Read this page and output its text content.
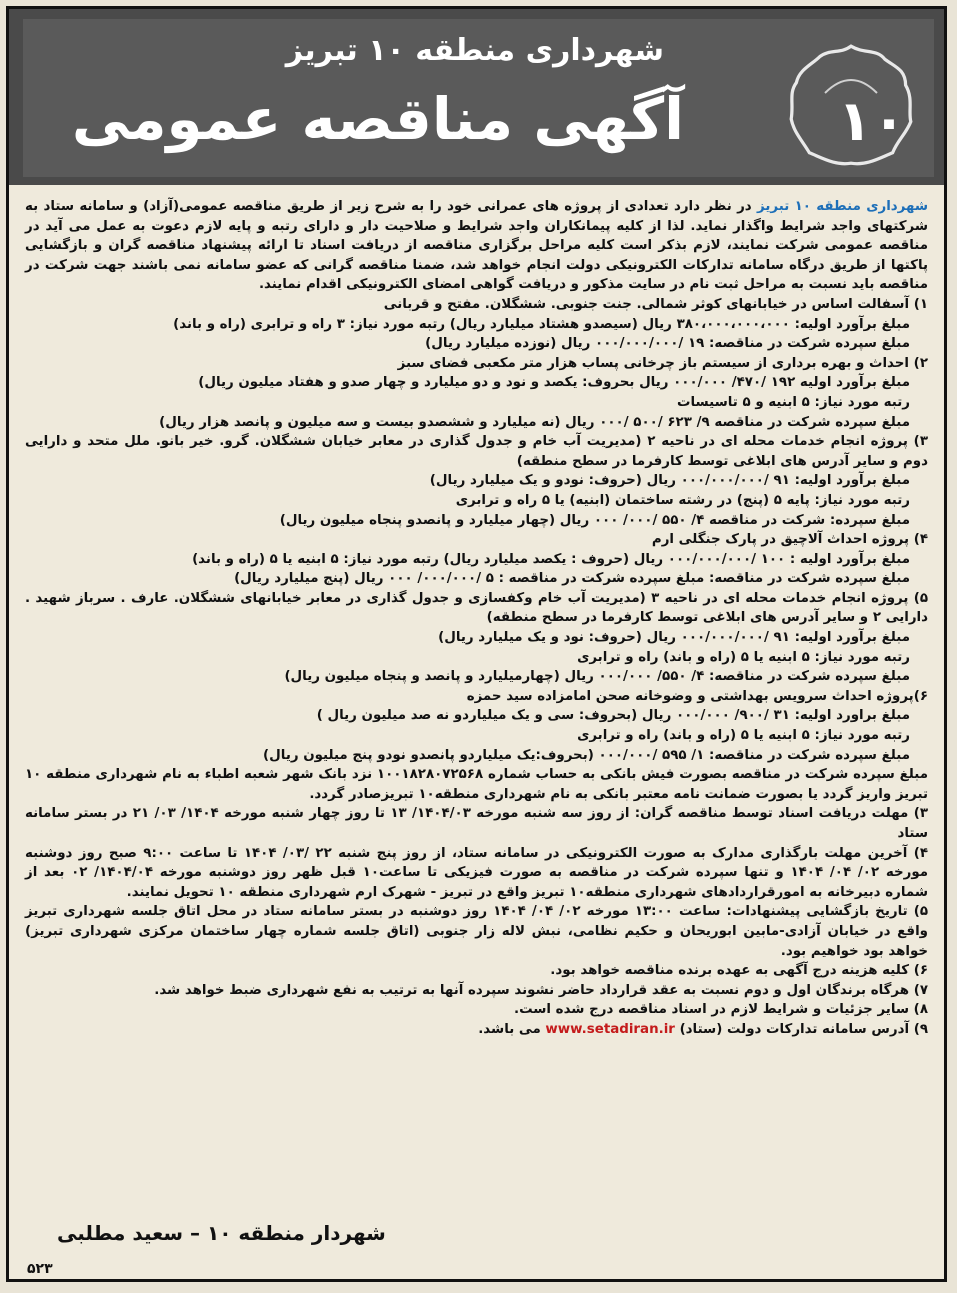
شهرداری منطقه ۱۰ تبریز
آگهی مناقصه عمومی	۱۰

شهرداری منطقه ۱۰ تبریز در نظر دارد تعدادی از پروژه های عمرانی خود را به شرح زیر از طریق مناقصه عمومی(آزاد) و سامانه ستاد به شرکتهای واجد شرایط واگذار نماید. لذا از کلیه پیمانکاران واجد شرایط و صلاحیت دار و دارای رتبه و پایه لازم دعوت به عمل می آید در مناقصه عمومی شرکت نمایند، لازم بذکر است کلیه مراحل برگزاری مناقصه از دریافت اسناد تا ارائه پیشنهاد مناقصه گران و بازگشایی پاکتها از طریق درگاه سامانه تدارکات الکترونیکی دولت انجام خواهد شد، ضمنا مناقصه گرانی که عضو سامانه نمی باشند جهت شرکت در مناقصه باید نسبت به مراحل ثبت نام در سایت مذکور و دریافت گواهی امضای الکترونیکی اقدام نمایند.

۱) آسفالت اساس در خیابانهای کوثر شمالی. جنت جنوبی. ششگلان. مفتح و قربانی

مبلغ برآورد اولیه: ۳۸۰،۰۰۰،۰۰۰،۰۰۰ ریال (سیصدو هشتاد میلیارد ریال) رتبه مورد نیاز: ۳ راه و ترابری (راه و باند)

مبلغ سپرده شرکت در مناقصه: ۱۹ /۰۰۰/۰۰۰/۰۰۰ ریال (نوزده میلیارد ریال)

۲) احداث و بهره برداری از سیستم باز چرخانی پساب هزار متر مکعبی فضای سبز

مبلغ برآورد اولیه ۱۹۲ /۴۷۰/ ۰۰۰/۰۰۰ ریال بحروف: یکصد و نود و دو میلیارد و چهار صدو و هفتاد میلیون ریال)

رتبه مورد نیاز: ۵ ابنیه و ۵ تاسیسات

مبلغ سپرده شرکت در مناقصه ۹/ ۶۲۳ /۵۰۰ /۰۰۰ ریال (نه میلیارد و ششصدو بیست و سه میلیون و پانصد هزار ریال)

۳) پروژه انجام خدمات محله ای در ناحیه ۲ (مدیریت آب خام و جدول گذاری در معابر خیابان ششگلان. گرو. خیر بانو. ملل متحد و دارایی دوم و سایر آدرس های ابلاغی توسط کارفرما در سطح منطقه)

مبلغ برآورد اولیه: ۹۱ /۰۰۰/۰۰۰/۰۰۰ ریال (حروف: نودو و یک میلیارد ریال)

رتبه مورد نیاز: پایه ۵ (پنج) در رشته ساختمان (ابنیه) یا ۵ راه و ترابری

مبلغ سپرده: شرکت در مناقصه ۴/ ۵۵۰ /۰۰۰/ ۰۰۰ ریال (چهار میلیارد و پانصدو پنجاه میلیون ریال)

۴) پروژه احداث آلاچیق در پارک جنگلی ارم

مبلغ برآورد اولیه : ۱۰۰ /۰۰۰/۰۰۰/۰۰۰ ریال (حروف : یکصد میلیارد ریال) رتبه مورد نیاز: ۵ ابنیه یا ۵ (راه و باند)

مبلغ سپرده شرکت در مناقصه: مبلغ سپرده شرکت در مناقصه : ۵ /۰۰۰/۰۰۰/ ۰۰۰ ریال (پنج میلیارد ریال)

۵) پروژه انجام خدمات محله ای در ناحیه ۳ (مدیریت آب خام وکفسازی و جدول گذاری در معابر خیابانهای ششگلان. عارف . سرباز شهید . دارایی ۲ و سایر آدرس های ابلاغی توسط کارفرما در سطح منطقه)

مبلغ برآورد اولیه: ۹۱ /۰۰۰/۰۰۰/۰۰۰ ریال (حروف: نود و یک میلیارد ریال)

رتبه مورد نیاز: ۵ ابنیه یا ۵ (راه و باند) راه و ترابری

مبلغ سپرده شرکت در مناقصه: ۴/ ۵۵۰/ ۰۰۰/۰۰۰ ریال (چهارمیلیارد و پانصد و پنجاه میلیون ریال)

۶)پروژه احداث سرویس بهداشتی و وضوخانه صحن امامزاده سید حمزه

مبلغ براورد اولیه: ۳۱ /۹۰۰/ ۰۰۰/۰۰۰ ریال (بحروف: سی و یک میلیاردو نه صد میلیون ریال )

رتبه مورد نیاز: ۵ ابنیه یا ۵ (راه و باند) راه و ترابری

مبلغ سپرده شرکت در مناقصه: ۱/ ۵۹۵ /۰۰۰/۰۰۰ (بحروف:یک میلیاردو پانصدو نودو پنج میلیون ریال)

مبلغ سپرده شرکت در مناقصه بصورت فیش بانکی به حساب شماره ۱۰۰۱۸۲۸۰۷۲۵۶۸ نزد بانک شهر شعبه اطباء به نام شهرداری منطقه ۱۰ تبریز واریز گردد یا بصورت ضمانت نامه معتبر بانکی به نام شهرداری منطقه۱۰ تبریزصادر گردد.

۳) مهلت دریافت اسناد توسط مناقصه گران: از روز سه شنبه مورخه ۱۴۰۴/۰۳/ ۱۳ تا روز چهار شنبه مورخه ۱۴۰۴/ ۰۳/ ۲۱ در بستر سامانه ستاد

۴) آخرین مهلت بارگذاری مدارک به صورت الکترونیکی در سامانه ستاد، از روز پنج شنبه ۲۲ /۰۳/ ۱۴۰۴ تا ساعت ۹:۰۰ صبح روز دوشنبه مورخه ۰۲/ ۰۴/ ۱۴۰۴ و تنها سپرده شرکت در مناقصه به صورت فیزیکی تا ساعت۱۰ قبل ظهر روز دوشنبه مورخه ۱۴۰۴/۰۴/ ۰۲ بعد از شماره دبیرخانه به امورقراردادهای شهرداری منطقه۱۰ تبریز واقع در تبریز - شهرک ارم شهرداری منطقه ۱۰ تحویل نمایند.

۵) تاریخ بازگشایی پیشنهادات: ساعت ۱۳:۰۰ مورخه ۰۲/ ۰۴/ ۱۴۰۴ روز دوشنبه در بستر سامانه ستاد در محل اتاق جلسه شهرداری تبریز واقع در خیابان آزادی-مابین ابوریحان و حکیم نظامی، نبش لاله زار جنوبی (اتاق جلسه شماره چهار ساختمان مرکزی شهرداری تبریز) خواهد بود خواهیم بود.

۶) کلیه هزینه درج آگهی به عهده برنده مناقصه خواهد بود.

۷) هرگاه برندگان اول و دوم نسبت به عقد قرارداد حاضر نشوند سپرده آنها به ترتیب به نفع شهرداری ضبط خواهد شد.

۸) سایر جزئیات و شرایط لازم در اسناد مناقصه درج شده است.

۹) آدرس سامانه تدارکات دولت (ستاد) www.setadiran.ir می باشد.

شهردار منطقه ۱۰ – سعید مطلبی
۵۲۳
